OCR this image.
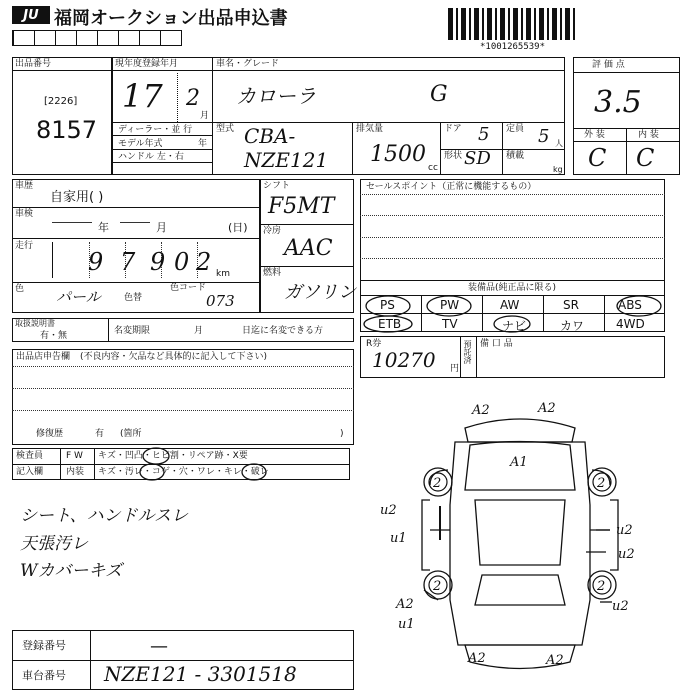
JU 福岡オークション出品申込書
*1001265539*
出品番号
[2226]
8157
現年度登録年月
17 2
月
ディーラー・並 行
モデル年式	年
ハンドル 左・右
車名・グレード
カローラ	G
型式 CBA-
NZE121
排気量
1500
cc
ドア 5 定員 5 人
形状 SD 積載
kg
評 価 点
3.5
外 装	内 装
C C
車歴
自家用( )
車検
年	月	(日)
走行
9 7 9 0 2 km
色 パール	色替
色コード
073
シフト
F5MT
冷房
AAC
燃料
ガソリン
セールスポイント（正常に機能するもの）
装備品(純正品に限る)
PS	PW	AW	SR	ABS
ETB	TV	ナビ	カワ	4WD
取扱説明書
有・無	名変期限	月	日迄に名変できる方
R券
10270 円
預託済 備 口 品
出品店申告欄 (不良内容・欠品など具体的に記入して下さい)
修復歴	有 (箇所	)
検査員
記入欄
F W キズ・凹凸・ヒビ割・リペア跡・X要
内装 キズ・汚レ・コゲ・穴・ワレ・キレ・破レ
シート、ハンドルスレ
天張汚レ
Wカバーキズ
登録番号	—
車台番号 NZE121 - 3301518
A2	A2
A1
2	2
2	2
u2
u1
u2
u2
A2
u1
u2
A2	A2
